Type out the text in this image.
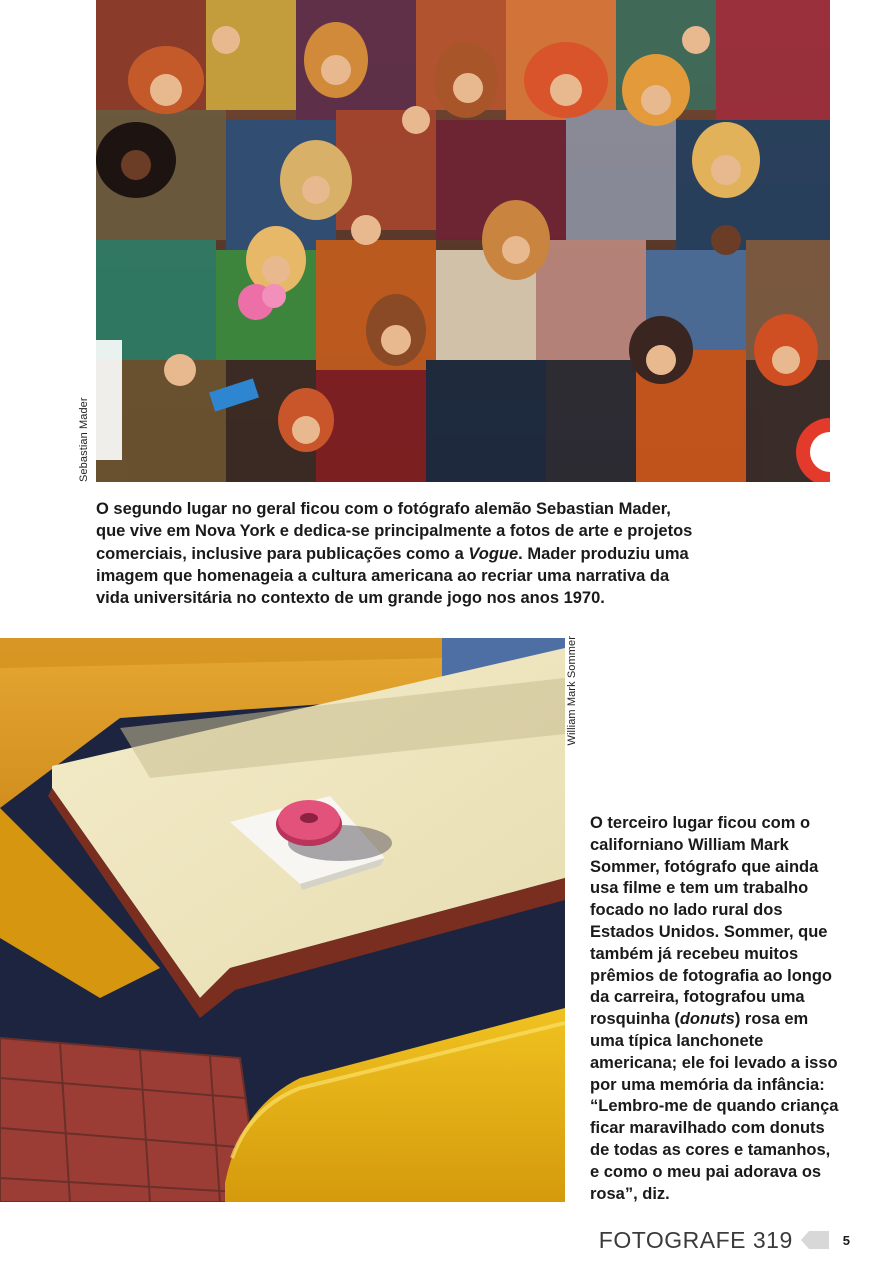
Sebastian Mader

O segundo lugar no geral ficou com o fotógrafo alemão Sebastian Mader, que vive em Nova York e dedica-se principalmente a fotos de arte e projetos comerciais, inclusive para publicações como a Vogue. Mader produziu uma imagem que homenageia a cultura americana ao recriar uma narrativa da vida universitária no contexto de um grande jogo nos anos 1970.

William Mark Sommer

O terceiro lugar ficou com o californiano William Mark Sommer, fotógrafo que ainda usa filme e tem um trabalho focado no lado rural dos Estados Unidos. Sommer, que também já recebeu muitos prêmios de fotografia ao longo da carreira, fotografou uma rosquinha (donuts) rosa em uma típica lanchonete americana; ele foi levado a isso por uma memória da infância: “Lembro-me de quando criança ficar maravilhado com donuts de todas as cores e tamanhos, e como o meu pai adorava os rosa”, diz.

FOTOGRAFE 319	5
